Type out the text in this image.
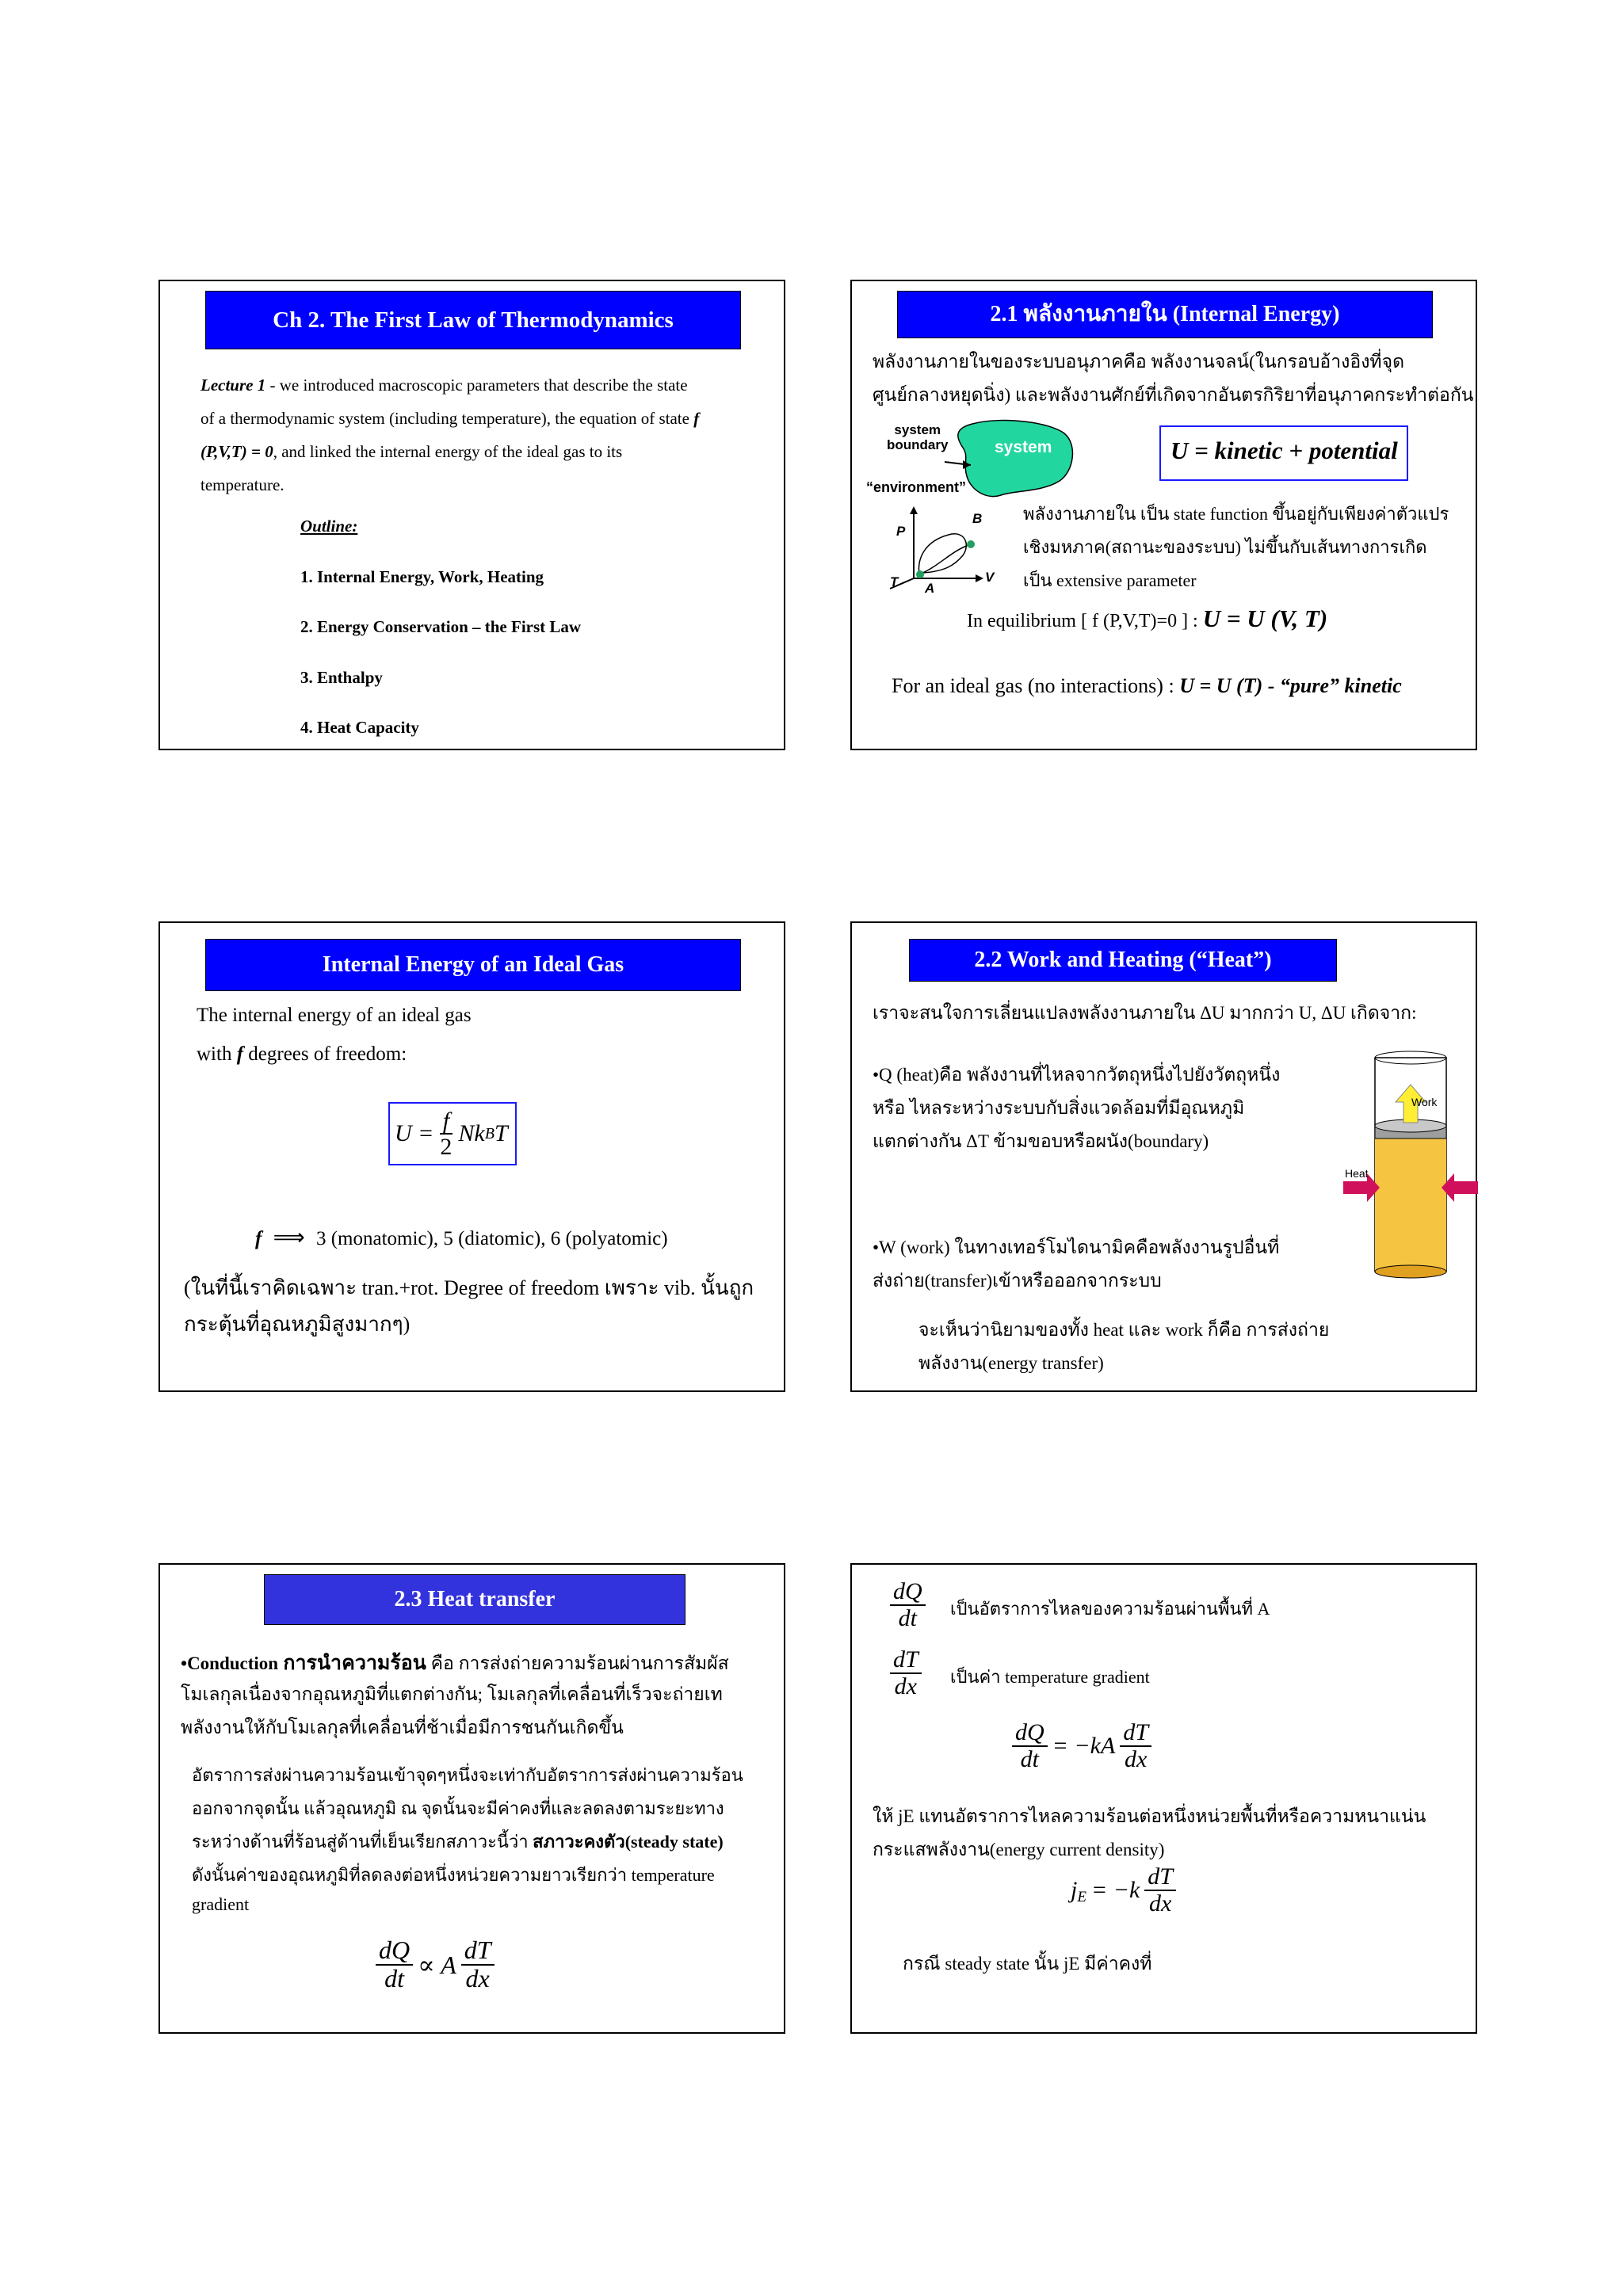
Ch 2. The First Law of Thermodynamics
Lecture 1 - we introduced macroscopic parameters that describe the state
of a thermodynamic system (including temperature), the equation of state f
(P,V,T) = 0, and linked the internal energy of the ideal gas to its
temperature.
Outline:
1. Internal Energy, Work, Heating
2. Energy Conservation – the First Law
3. Enthalpy
4. Heat Capacity
2.1 พลังงานภายใน (Internal Energy)
พลังงานภายในของระบบอนุภาคคือ พลังงานจลน์(ในกรอบอ้างอิงที่จุด
ศูนย์กลางหยุดนิ่ง) และพลังงานศักย์ที่เกิดจากอันตรกิริยาที่อนุภาคกระทำต่อกัน
system
boundary	system
“environment”
U = kinetic + potential
P
B
V
T A
พลังงานภายใน เป็น state function ขึ้นอยู่กับเพียงค่าตัวแปร
เชิงมหภาค(สถานะของระบบ) ไม่ขึ้นกับเส้นทางการเกิด
เป็น extensive parameter
In equilibrium [ f (P,V,T)=0 ] : U = U (V, T)
For an ideal gas (no interactions) : U = U (T) - “pure” kinetic
Internal Energy of an Ideal Gas
The internal energy of an ideal gas
with f degrees of freedom:
$U = \frac{f}{2}$ Nk B T
f ⟹ 3 (monatomic), 5 (diatomic), 6 (polyatomic)
(ในที่นี้เราคิดเฉพาะ tran.+rot. Degree of freedom เพราะ vib. นั้นถูก
กระตุ้นที่อุณหภูมิสูงมากๆ)
2.2 Work and Heating (“Heat”)
เราจะสนใจการเลี่ยนแปลงพลังงานภายใน ΔU มากกว่า U, ΔU เกิดจาก:
•Q (heat)คือ พลังงานที่ไหลจากวัตถุหนึ่งไปยังวัตถุหนึ่ง
หรือ ไหลระหว่างระบบกับสิ่งแวดล้อมที่มีอุณหภูมิ
แตกต่างกัน ΔT ข้ามขอบหรือผนัง(boundary)
Work
Heat
•W (work) ในทางเทอร์โมไดนามิคคือพลังงานรูปอื่นที่
ส่งถ่าย(transfer)เข้าหรือออกจากระบบ
จะเห็นว่านิยามของทั้ง heat และ work ก็คือ การส่งถ่าย
พลังงาน(energy transfer)
2.3 Heat transfer
•Conduction การนำความร้อน คือ การส่งถ่ายความร้อนผ่านการสัมผัส
โมเลกุลเนื่องจากอุณหภูมิที่แตกต่างกัน; โมเลกุลที่เคลื่อนที่เร็วจะถ่ายเท
พลังงานให้กับโมเลกุลที่เคลื่อนที่ช้าเมื่อมีการชนกันเกิดขึ้น
อัตราการส่งผ่านความร้อนเข้าจุดๆหนึ่งจะเท่ากับอัตราการส่งผ่านความร้อน
ออกจากจุดนั้น แล้วอุณหภูมิ ณ จุดนั้นจะมีค่าคงที่และลดลงตามระยะทาง
ระหว่างด้านที่ร้อนสู่ด้านที่เย็นเรียกสภาวะนี้ว่า สภาวะคงตัว(steady state)
ดังนั้นค่าของอุณหภูมิที่ลดลงต่อหนึ่งหน่วยความยาวเรียกว่า temperature
gradient
$\frac{dQ}{dt} \propto A \frac{dT}{dx}$
$\frac{dQ}{dt}$ เป็นอัตราการไหลของความร้อนผ่านพื้นที่ A
$\frac{dT}{dx}$ เป็นค่า temperature gradient
$\frac{dQ}{dt} = -kA \frac{dT}{dx}$
ให้ jE แทนอัตราการไหลความร้อนต่อหนึ่งหน่วยพื้นที่หรือความหนาแน่น
กระแสพลังงาน(energy current density)
$j_E = -k \frac{dT}{dx}$
กรณี steady state นั้น jE มีค่าคงที่
